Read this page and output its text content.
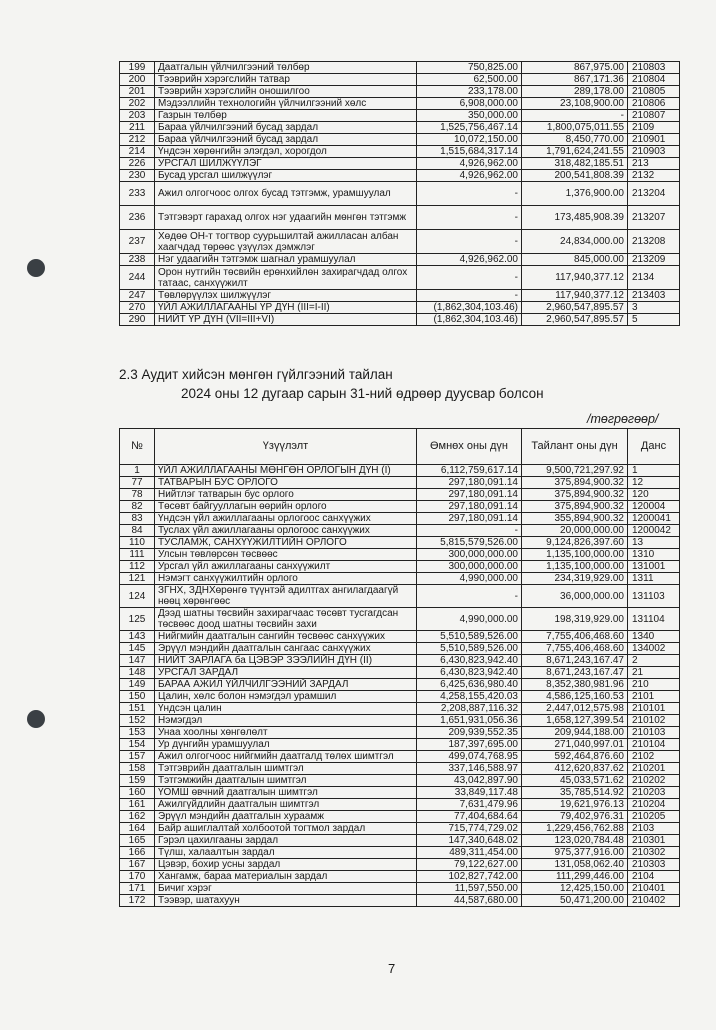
199	Даатгалын үйлчилгээний төлбөр	750,825.00	867,975.00	210803
200	Тээврийн хэрэгслийн татвар	62,500.00	867,171.36	210804
201	Тээврийн хэрэгслийн оношилгоо	233,178.00	289,178.00	210805
202	Мэдээллийн технологийн үйлчилгээний хөлс	6,908,000.00	23,108,900.00	210806
203	Газрын төлбөр	350,000.00	-	210807
211	Бараа үйлчилгээний бусад зардал	1,525,756,467.14	1,800,075,011.55	2109
212	Бараа үйлчилгээний бусад зардал	10,072,150.00	8,450,770.00	210901
214	Үндсэн хөрөнгийн элэгдэл, хорогдол	1,515,684,317.14	1,791,624,241.55	210903
226	УРСГАЛ ШИЛЖҮҮЛЭГ	4,926,962.00	318,482,185.51	213
230	Бусад урсгал шилжүүлэг	4,926,962.00	200,541,808.39	2132
233	Ажил олгогчоос олгох бусад тэтгэмж, урамшуулал	-	1,376,900.00	213204
236	Тэтгэвэрт гарахад олгох нэг удаагийн мөнгөн тэтгэмж	-	173,485,908.39	213207
237	Хөдөө ОН-т тогтвор суурьшилтай ажилласан албан хаагчдад төрөөс үзүүлэх дэмжлэг	-	24,834,000.00	213208
238	Нэг удаагийн тэтгэмж шагнал урамшуулал	4,926,962.00	845,000.00	213209
244	Орон нутгийн төсвийн ерөнхийлөн захирагчдад олгох татаас, санхүүжилт	-	117,940,377.12	2134
247	Төвлөрүүлэх шилжүүлэг	-	117,940,377.12	213403
270	ҮЙЛ АЖИЛЛАГААНЫ ҮР ДҮН (III=I-II)	(1,862,304,103.46)	2,960,547,895.57	3
290	НИЙТ ҮР ДҮН (VII=III+VI)	(1,862,304,103.46)	2,960,547,895.57	5
2.3 Аудит хийсэн мөнгөн гүйлгээний тайлан
2024 оны 12 дугаар сарын 31-ний өдрөөр дуусвар болсон
/төгрөгөөр/
№	Үзүүлэлт	Өмнөх оны дүн	Тайлант оны дүн	Данс
1	ҮЙЛ АЖИЛЛАГААНЫ МӨНГӨН ОРЛОГЫН ДҮН (I)	6,112,759,617.14	9,500,721,297.92	1
77	ТАТВАРЫН БУС ОРЛОГО	297,180,091.14	375,894,900.32	12
78	Нийтлэг татварын бус орлого	297,180,091.14	375,894,900.32	120
82	Төсөвт байгууллагын өөрийн орлого	297,180,091.14	375,894,900.32	120004
83	Үндсэн үйл ажиллагааны орлогоос санхүүжих	297,180,091.14	355,894,900.32	1200041
84	Туслах үйл ажиллагааны орлогоос санхүүжих	-	20,000,000.00	1200042
110	ТУСЛАМЖ, САНХҮҮЖИЛТИЙН ОРЛОГО	5,815,579,526.00	9,124,826,397.60	13
111	Улсын төвлөрсөн төсвөөс	300,000,000.00	1,135,100,000.00	1310
112	Урсгал үйл ажиллагааны санхүүжилт	300,000,000.00	1,135,100,000.00	131001
121	Нэмэгт санхүүжилтийн орлого	4,990,000.00	234,319,929.00	1311
124	ЗГНХ, ЗДНХөрөнгө түүнтэй адилтгах ангилагдаагүй нөөц хөрөнгөөс	-	36,000,000.00	131103
125	Дээд шатны төсвийн захирагчаас төсөвт тусгагдсан төсвөөс доод шатны төсвийн захи	4,990,000.00	198,319,929.00	131104
143	Нийгмийн даатгалын сангийн төсвөөс санхүүжих	5,510,589,526.00	7,755,406,468.60	1340
145	Эрүүл мэндийн даатгалын сангаас санхүүжих	5,510,589,526.00	7,755,406,468.60	134002
147	НИЙТ ЗАРЛАГА ба ЦЭВЭР ЗЭЭЛИЙН ДҮН (II)	6,430,823,942.40	8,671,243,167.47	2
148	УРСГАЛ ЗАРДАЛ	6,430,823,942.40	8,671,243,167.47	21
149	БАРАА АЖИЛ ҮЙЛЧИЛГЭЭНИЙ ЗАРДАЛ	6,425,636,980.40	8,352,380,981.96	210
150	Цалин, хөлс болон нэмэгдэл урамшил	4,258,155,420.03	4,586,125,160.53	2101
151	Үндсэн цалин	2,208,887,116.32	2,447,012,575.98	210101
152	Нэмэгдэл	1,651,931,056.36	1,658,127,399.54	210102
153	Унаа хоолны хөнгөлөлт	209,939,552.35	209,944,188.00	210103
154	Ур дүнгийн урамшуулал	187,397,695.00	271,040,997.01	210104
157	Ажил олгогчоос нийгмийн даатгалд төлөх шимтгэл	499,074,768.95	592,464,876.60	2102
158	Тэтгэврийн даатгалын шимтгэл	337,146,588.97	412,620,837.62	210201
159	Тэтгэмжийн даатгалын шимтгэл	43,042,897.90	45,033,571.62	210202
160	ҮОМШ өвчний даатгалын шимтгэл	33,849,117.48	35,785,514.92	210203
161	Ажилгүйдлийн даатгалын шимтгэл	7,631,479.96	19,621,976.13	210204
162	Эрүүл мэндийн даатгалын хураамж	77,404,684.64	79,402,976.31	210205
164	Байр ашиглалтай холбоотой тогтмол зардал	715,774,729.02	1,229,456,762.88	2103
165	Гэрэл цахилгааны зардал	147,340,648.02	123,020,784.48	210301
166	Түлш, халаалтын зардал	489,311,454.00	975,377,916.00	210302
167	Цэвэр, бохир усны зардал	79,122,627.00	131,058,062.40	210303
170	Хангамж, бараа материалын зардал	102,827,742.00	111,299,446.00	2104
171	Бичиг хэрэг	11,597,550.00	12,425,150.00	210401
172	Тээвэр, шатахуун	44,587,680.00	50,471,200.00	210402
7
